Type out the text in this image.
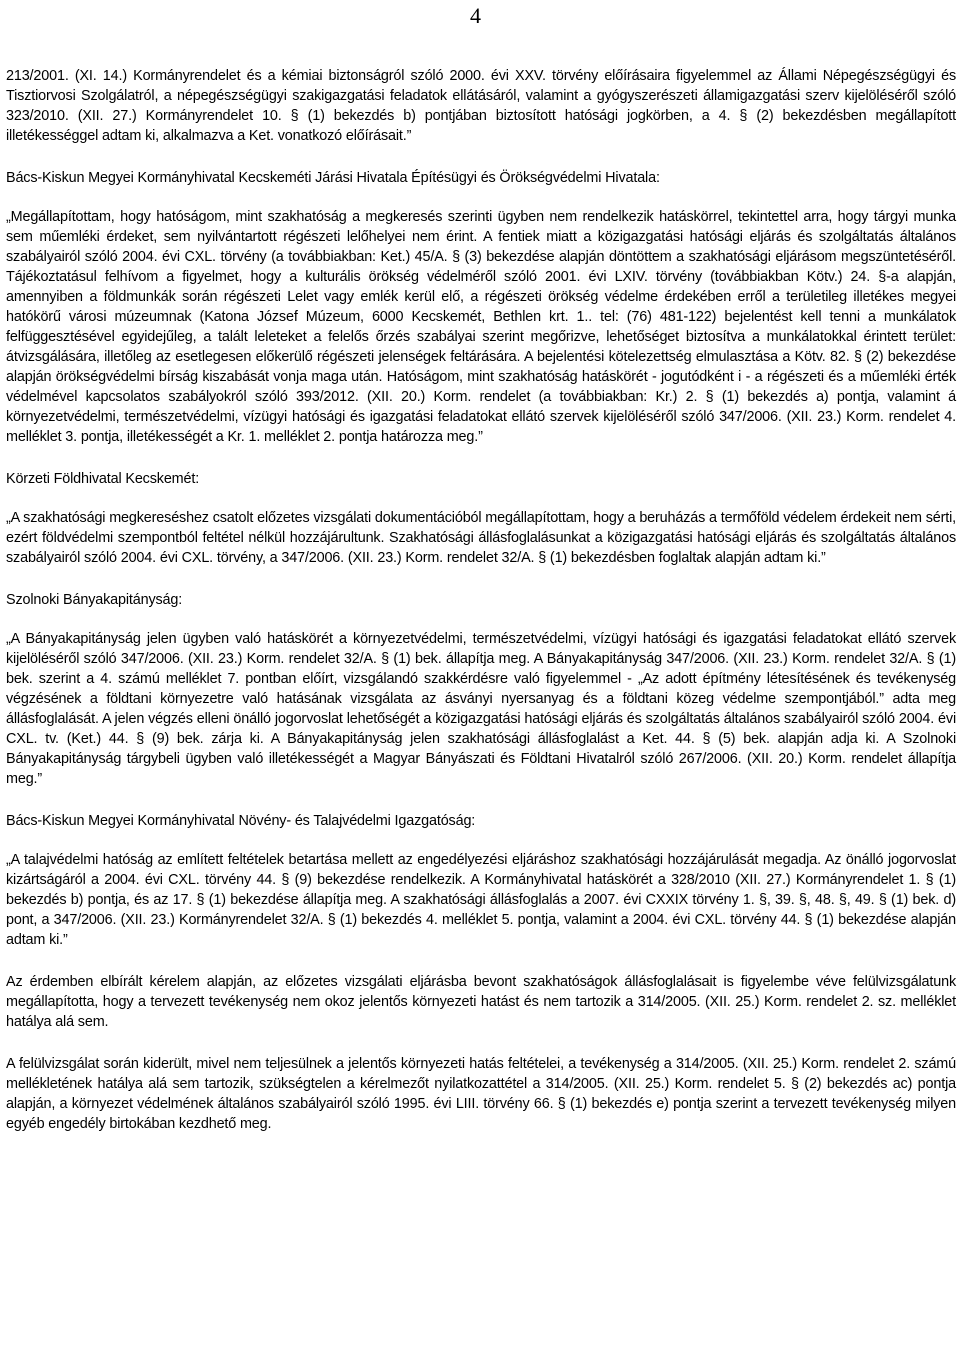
4

213/2001. (XI. 14.) Kormányrendelet és a kémiai biztonságról szóló 2000. évi XXV. törvény előírásaira figyelemmel az Állami Népegészségügyi és Tisztiorvosi Szolgálatról, a népegészségügyi szakigazgatási feladatok ellátásáról, valamint a gyógyszerészeti államigazgatási szerv kijelöléséről szóló 323/2010. (XII. 27.) Kormányrendelet 10. § (1) bekezdés b) pontjában biztosított hatósági jogkörben, a 4. § (2) bekezdésben megállapított illetékességgel adtam ki, alkalmazva a Ket. vonatkozó előírásait.”

Bács-Kiskun Megyei Kormányhivatal Kecskeméti Járási Hivatala Építésügyi és Örökségvédelmi Hivatala:

„Megállapítottam, hogy hatóságom, mint szakhatóság a megkeresés szerinti ügyben nem rendelkezik hatáskörrel, tekintettel arra, hogy tárgyi munka sem műemléki érdeket, sem nyilvántartott régészeti lelőhelyei nem érint. A fentiek miatt a közigazgatási hatósági eljárás és szolgáltatás általános szabályairól szóló 2004. évi CXL. törvény (a továbbiakban: Ket.) 45/A. § (3) bekezdése alapján döntöttem a szakhatósági eljárásom megszüntetéséről. Tájékoztatásul felhívom a figyelmet, hogy a kulturális örökség védelméről szóló 2001. évi LXIV. törvény (továbbiakban Kötv.) 24. §-a alapján, amennyiben a földmunkák során régészeti Lelet vagy emlék kerül elő, a régészeti örökség védelme érdekében erről a területileg illetékes megyei hatókörű városi múzeumnak (Katona József Múzeum, 6000 Kecskemét, Bethlen krt. 1.. tel: (76) 481-122) bejelentést kell tenni a munkálatok felfüggesztésével egyidejűleg, a talált leleteket a felelős őrzés szabályai szerint megőrizve, lehetőséget biztosítva a munkálatokkal érintett terület: átvizsgálására, illetőleg az esetlegesen előkerülő régészeti jelenségek feltárására. A bejelentési kötelezettség elmulasztása a Kötv. 82. § (2) bekezdése alapján örökségvédelmi bírság kiszabását vonja maga után. Hatóságom, mint szakhatóság hatáskörét - jogutódként i - a régészeti és a műemléki érték védelmével kapcsolatos szabályokról szóló 393/2012. (XII. 20.) Korm. rendelet (a továbbiakban: Kr.) 2. § (1) bekezdés a) pontja, valamint á környezetvédelmi, természetvédelmi, vízügyi hatósági és igazgatási feladatokat ellátó szervek kijelöléséről szóló 347/2006. (XII. 23.) Korm. rendelet 4. melléklet 3. pontja, illetékességét a Kr. 1. melléklet 2. pontja határozza meg.”

Körzeti Földhivatal Kecskemét:

„A szakhatósági megkereséshez csatolt előzetes vizsgálati dokumentációból megállapítottam, hogy a beruházás a termőföld védelem érdekeit nem sérti, ezért földvédelmi szempontból feltétel nélkül hozzájárultunk. Szakhatósági állásfoglalásunkat a közigazgatási hatósági eljárás és szolgáltatás általános szabályairól szóló 2004. évi CXL. törvény, a 347/2006. (XII. 23.) Korm. rendelet 32/A. § (1) bekezdésben foglaltak alapján adtam ki.”

Szolnoki Bányakapitányság:

„A Bányakapitányság jelen ügyben való hatáskörét a környezetvédelmi, természetvédelmi, vízügyi hatósági és igazgatási feladatokat ellátó szervek kijelöléséről szóló 347/2006. (XII. 23.) Korm. rendelet 32/A. § (1) bek. állapítja meg. A Bányakapitányság 347/2006. (XII. 23.) Korm. rendelet 32/A. § (1) bek. szerint a 4. számú melléklet 7. pontban előírt, vizsgálandó szakkérdésre való figyelemmel - „Az adott építmény létesítésének és tevékenység végzésének a földtani környezetre való hatásának vizsgálata az ásványi nyersanyag és a földtani közeg védelme szempontjából.” adta meg állásfoglalását. A jelen végzés elleni önálló jogorvoslat lehetőségét a közigazgatási hatósági eljárás és szolgáltatás általános szabályairól szóló 2004. évi CXL. tv. (Ket.) 44. § (9) bek. zárja ki. A Bányakapitányság jelen szakhatósági állásfoglalást a Ket. 44. § (5) bek. alapján adja ki. A Szolnoki Bányakapitányság tárgybeli ügyben való illetékességét a Magyar Bányászati és Földtani Hivatalról szóló 267/2006. (XII. 20.) Korm. rendelet állapítja meg.”

Bács-Kiskun Megyei Kormányhivatal Növény- és Talajvédelmi Igazgatóság:

„A talajvédelmi hatóság az említett feltételek betartása mellett az engedélyezési eljáráshoz szakhatósági hozzájárulását megadja. Az önálló jogorvoslat kizártságáról a 2004. évi CXL. törvény 44. § (9) bekezdése rendelkezik. A Kormányhivatal hatáskörét a 328/2010 (XII. 27.) Kormányrendelet 1. § (1) bekezdés b) pontja, és az 17. § (1) bekezdése állapítja meg. A szakhatósági állásfoglalás a 2007. évi CXXIX törvény 1. §, 39. §, 48. §, 49. § (1) bek. d) pont, a 347/2006. (XII. 23.) Kormányrendelet 32/A. § (1) bekezdés 4. melléklet 5. pontja, valamint a 2004. évi CXL. törvény 44. § (1) bekezdése alapján adtam ki.”

Az érdemben elbírált kérelem alapján, az előzetes vizsgálati eljárásba bevont szakhatóságok állásfoglalásait is figyelembe véve felülvizsgálatunk megállapította, hogy a tervezett tevékenység nem okoz jelentős környezeti hatást és nem tartozik a 314/2005. (XII. 25.) Korm. rendelet 2. sz. melléklet hatálya alá sem.

A felülvizsgálat során kiderült, mivel nem teljesülnek a jelentős környezeti hatás feltételei, a tevékenység a 314/2005. (XII. 25.) Korm. rendelet 2. számú mellékletének hatálya alá sem tartozik, szükségtelen a kérelmezőt nyilatkozattétel a 314/2005. (XII. 25.) Korm. rendelet 5. § (2) bekezdés ac) pontja alapján, a környezet védelmének általános szabályairól szóló 1995. évi LIII. törvény 66. § (1) bekezdés e) pontja szerint a tervezett tevékenység milyen egyéb engedély birtokában kezdhető meg.
